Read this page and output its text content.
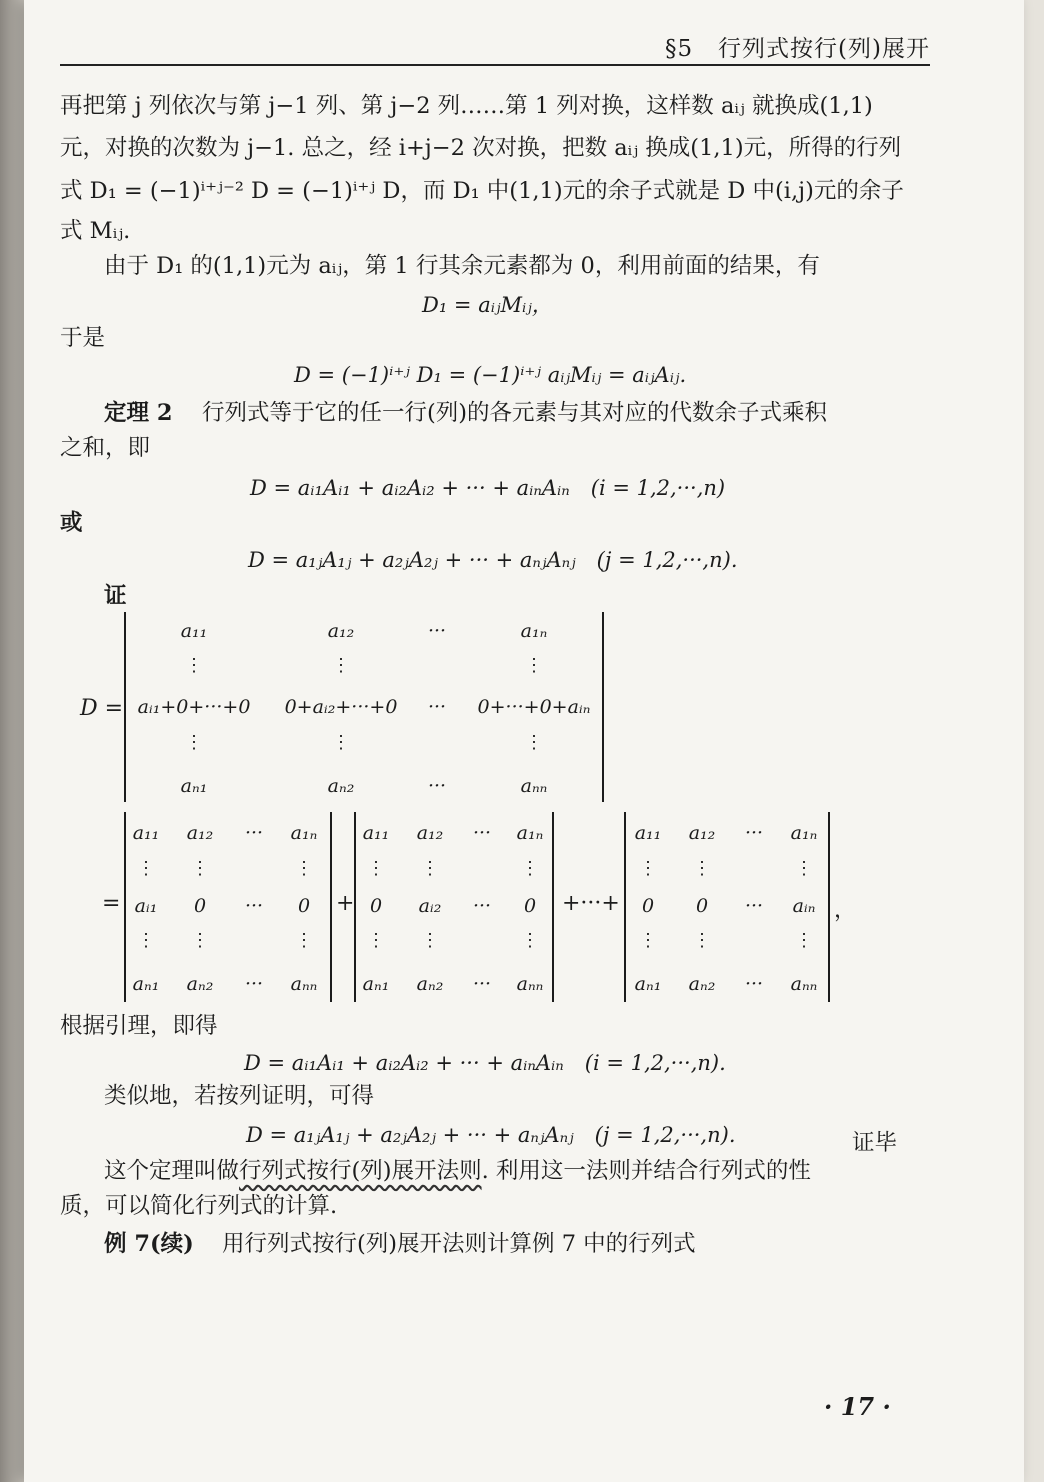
§5 行列式按行(列)展开
再把第 j 列依次与第 j−1 列、第 j−2 列……第 1 列对换，这样数 aᵢⱼ 就换成(1,1)
元，对换的次数为 j−1. 总之，经 i+j−2 次对换，把数 aᵢⱼ 换成(1,1)元，所得的行列
式 D₁ = (−1)ⁱ⁺ʲ⁻² D = (−1)ⁱ⁺ʲ D，而 D₁ 中(1,1)元的余子式就是 D 中(i,j)元的余子
式 Mᵢⱼ.
由于 D₁ 的(1,1)元为 aᵢⱼ，第 1 行其余元素都为 0，利用前面的结果，有
D₁ = aᵢⱼMᵢⱼ，
于是
D = (−1)ⁱ⁺ʲ D₁ = (−1)ⁱ⁺ʲ aᵢⱼMᵢⱼ = aᵢⱼAᵢⱼ.
定理 2 行列式等于它的任一行(列)的各元素与其对应的代数余子式乘积
之和，即
D = aᵢ₁Aᵢ₁ + aᵢ₂Aᵢ₂ + ··· + aᵢₙAᵢₙ　(i = 1,2,···,n)
或
D = a₁ⱼA₁ⱼ + a₂ⱼA₂ⱼ + ··· + aₙⱼAₙⱼ　(j = 1,2,···,n).
证
D =
a₁₁	a₁₂	···	a₁ₙ
⋮	⋮	⋮
aᵢ₁+0+···+0 0+aᵢ₂+···+0 ··· 0+···+0+aᵢₙ
⋮	⋮	⋮
aₙ₁	aₙ₂	···	aₙₙ
=
a₁₁ a₁₂ ··· a₁ₙ
⋮ ⋮	⋮
aᵢ₁ 0 ··· 0
⋮ ⋮	⋮
aₙ₁ aₙ₂ ··· aₙₙ
+
a₁₁ a₁₂ ··· a₁ₙ
⋮ ⋮	⋮
0 aᵢ₂ ··· 0
⋮ ⋮	⋮
aₙ₁ aₙ₂ ··· aₙₙ
+···+
a₁₁ a₁₂ ··· a₁ₙ
⋮ ⋮	⋮
0 0 ··· aᵢₙ
⋮ ⋮	⋮
aₙ₁ aₙ₂ ··· aₙₙ
，
根据引理，即得
D = aᵢ₁Aᵢ₁ + aᵢ₂Aᵢ₂ + ··· + aᵢₙAᵢₙ　(i = 1,2,···,n).
类似地，若按列证明，可得
D = a₁ⱼA₁ⱼ + a₂ⱼA₂ⱼ + ··· + aₙⱼAₙⱼ　(j = 1,2,···,n).	证毕
这个定理叫做行列式按行(列)展开法则. 利用这一法则并结合行列式的性
质，可以简化行列式的计算.
例 7(续) 用行列式按行(列)展开法则计算例 7 中的行列式
· 17 ·
